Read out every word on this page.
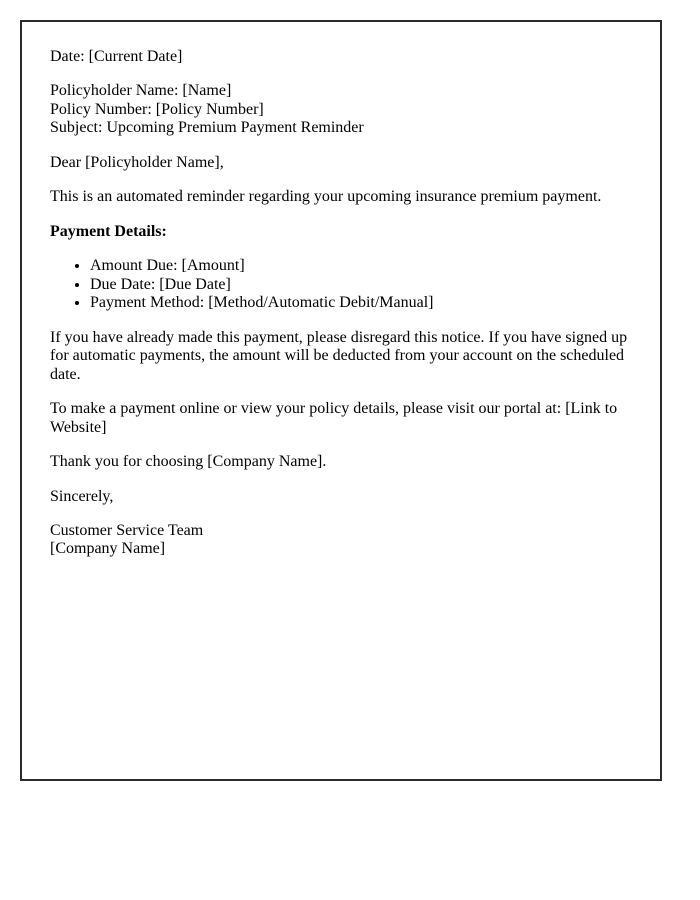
Date: [Current Date]

Policyholder Name: [Name]
Policy Number: [Policy Number]
Subject: Upcoming Premium Payment Reminder

Dear [Policyholder Name],

This is an automated reminder regarding your upcoming insurance premium payment.

Payment Details:

• Amount Due: [Amount]
• Due Date: [Due Date]
• Payment Method: [Method/Automatic Debit/Manual]

If you have already made this payment, please disregard this notice. If you have signed up for automatic payments, the amount will be deducted from your account on the scheduled date.

To make a payment online or view your policy details, please visit our portal at: [Link to Website]

Thank you for choosing [Company Name].

Sincerely,

Customer Service Team
[Company Name]
